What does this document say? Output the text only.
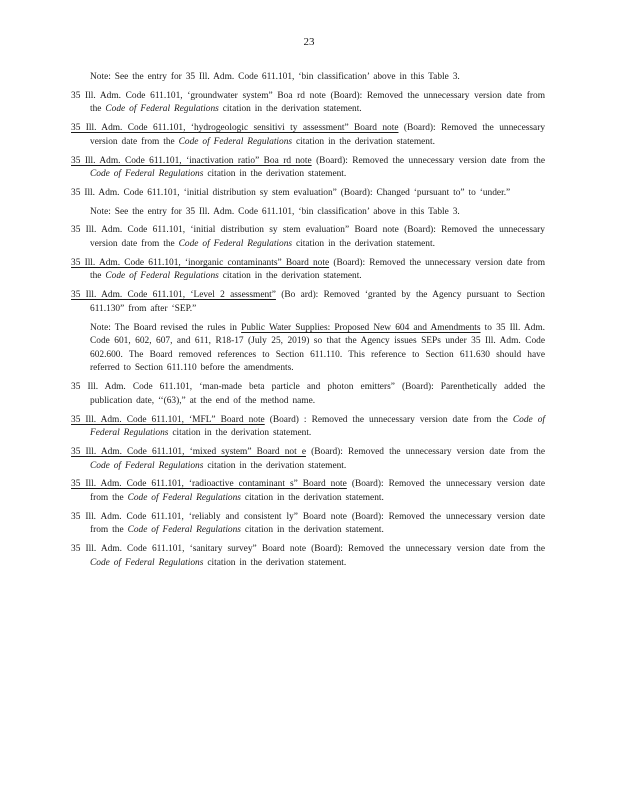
23

Note: See the entry for 35 Ill. Adm. Code 611.101, ‘bin classification’ above in this Table 3.

35 Ill. Adm. Code 611.101, ‘groundwater system” Boa rd note (Board): Removed the unnecessary version date from the Code of Federal Regulations citation in the derivation statement.

35 Ill. Adm. Code 611.101, ‘hydrogeologic sensitivi ty assessment” Board note (Board): Removed the unnecessary version date from the Code of Federal Regulations citation in the derivation statement.

35 Ill. Adm. Code 611.101, ‘inactivation ratio” Boa rd note (Board): Removed the unnecessary version date from the Code of Federal Regulations citation in the derivation statement.

35 Ill. Adm. Code 611.101, ‘initial distribution sy stem evaluation” (Board): Changed ‘pursuant to” to ‘under.”

Note: See the entry for 35 Ill. Adm. Code 611.101, ‘bin classification’ above in this Table 3.

35 Ill. Adm. Code 611.101, ‘initial distribution sy stem evaluation” Board note (Board): Removed the unnecessary version date from the Code of Federal Regulations citation in the derivation statement.

35 Ill. Adm. Code 611.101, ‘inorganic contaminants” Board note (Board): Removed the unnecessary version date from the Code of Federal Regulations citation in the derivation statement.

35 Ill. Adm. Code 611.101, ‘Level 2 assessment” (Bo ard): Removed ‘granted by the Agency pursuant to Section 611.130” from after ‘SEP.”

Note: The Board revised the rules in Public Water Supplies: Proposed New 604 and Amendments to 35 Ill. Adm. Code 601, 602, 607, and 611, R18-17 (July 25, 2019) so that the Agency issues SEPs under 35 Ill. Adm. Code 602.600. The Board removed references to Section 611.110. This reference to Section 611.630 should have referred to Section 611.110 before the amendments.

35 Ill. Adm. Code 611.101, ‘man-made beta particle and photon emitters” (Board): Parenthetically added the publication date, ‘‘(63),” at the end of the method name.

35 Ill. Adm. Code 611.101, ‘MFL” Board note (Board) : Removed the unnecessary version date from the Code of Federal Regulations citation in the derivation statement.

35 Ill. Adm. Code 611.101, ‘mixed system” Board not e (Board): Removed the unnecessary version date from the Code of Federal Regulations citation in the derivation statement.

35 Ill. Adm. Code 611.101, ‘radioactive contaminant s” Board note (Board): Removed the unnecessary version date from the Code of Federal Regulations citation in the derivation statement.

35 Ill. Adm. Code 611.101, ‘reliably and consistent ly” Board note (Board): Removed the unnecessary version date from the Code of Federal Regulations citation in the derivation statement.

35 Ill. Adm. Code 611.101, ‘sanitary survey” Board note (Board): Removed the unnecessary version date from the Code of Federal Regulations citation in the derivation statement.
